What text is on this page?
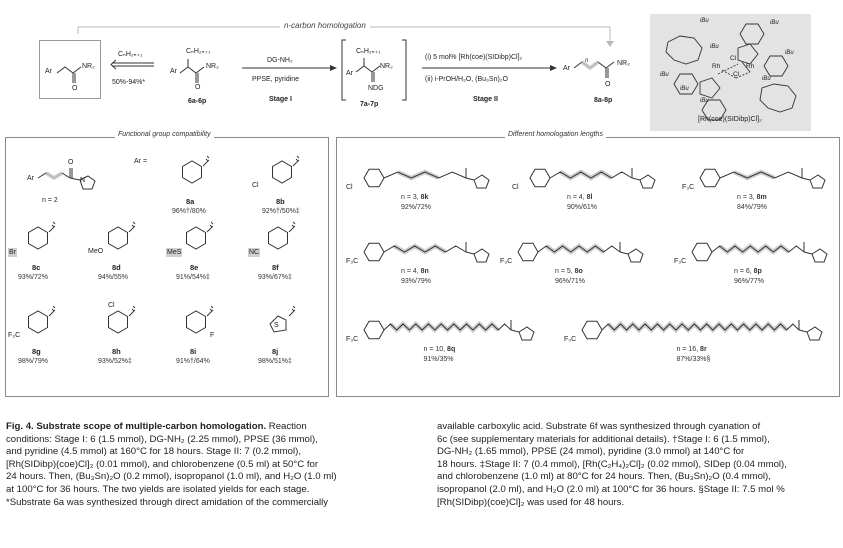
n-carbon homologation
Ar
NR₂
O
CₙH₂ₙ₊₁
50%-94%*
CₙH₂ₙ₊₁
Ar
NR₂
O
6a-6p
DG-NH₂
PPSE, pyridine
Stage I
CₙH₂ₙ₊₁
Ar
NR₂
NDG
7a-7p
(i) 5 mol% [Rh(coe)(SIDibp)Cl]₂
(ii) i-PrOH/H₂O, (Bu₃Sn)₂O
Stage II
Ar
n	NR₂
O
8a-8p
iBu	iBu
iBu
iBu
iBu
iBu
iBu
iBu
Rh	Rh
Cl
Cl
[Rh(coe)(SIDibp)Cl]₂
Functional group compatibility
Ar
O
N
n = 2
Ar =
8a
96%†/80%
Cl
8b
92%†/50%‡
Br
8c
93%/72%
MeO
8d
94%/55%
MeS
8e
91%/54%‡
NC
8f
93%/67%‡
F₃C
8g
98%/79%
Cl
8h
93%/52%‡
F
8i
91%†/64%
S
8j
98%/51%‡
Different homologation lengths
Cl
n = 3, 8k
92%/72%
Cl
n = 4, 8l
90%/61%
F₃C
n = 3, 8m
84%/79%
F₃C
n = 4, 8n
93%/79%
F₃C
n = 5, 8o
96%/71%
F₃C
n = 6, 8p
96%/77%
F₃C
n = 10, 8q
91%/35%
F₃C
n = 16, 8r
87%/33%§

Fig. 4. Substrate scope of multiple-carbon homologation. Reaction

conditions: Stage I: 6 (1.5 mmol), DG-NH₂ (2.25 mmol), PPSE (36 mmol),

and pyridine (4.5 mmol) at 160°C for 18 hours. Stage II: 7 (0.2 mmol),

[Rh(SIDibp)(coe)Cl]₂ (0.01 mmol), and chlorobenzene (0.5 ml) at 50°C for

24 hours. Then, (Bu₃Sn)₂O (0.2 mmol), isopropanol (1.0 ml), and H₂O (1.0 ml)

at 100°C for 36 hours. The two yields are isolated yields for each stage.

*Substrate 6a was synthesized through direct amidation of the commercially

available carboxylic acid. Substrate 6f was synthesized through cyanation of

6c (see supplementary materials for additional details). †Stage I: 6 (1.5 mmol),

DG-NH₂ (1.65 mmol), PPSE (24 mmol), pyridine (3.0 mmol) at 140°C for

18 hours. ‡Stage II: 7 (0.4 mmol), [Rh(C₂H₄)₂Cl]₂ (0.02 mmol), SIDep (0.04 mmol),

and chlorobenzene (1.0 ml) at 80°C for 24 hours. Then, (Bu₃Sn)₂O (0.4 mmol),

isopropanol (2.0 ml), and H₂O (2.0 ml) at 100°C for 36 hours. §Stage II: 7.5 mol %

[Rh(SIDibp)(coe)Cl]₂ was used for 48 hours.
